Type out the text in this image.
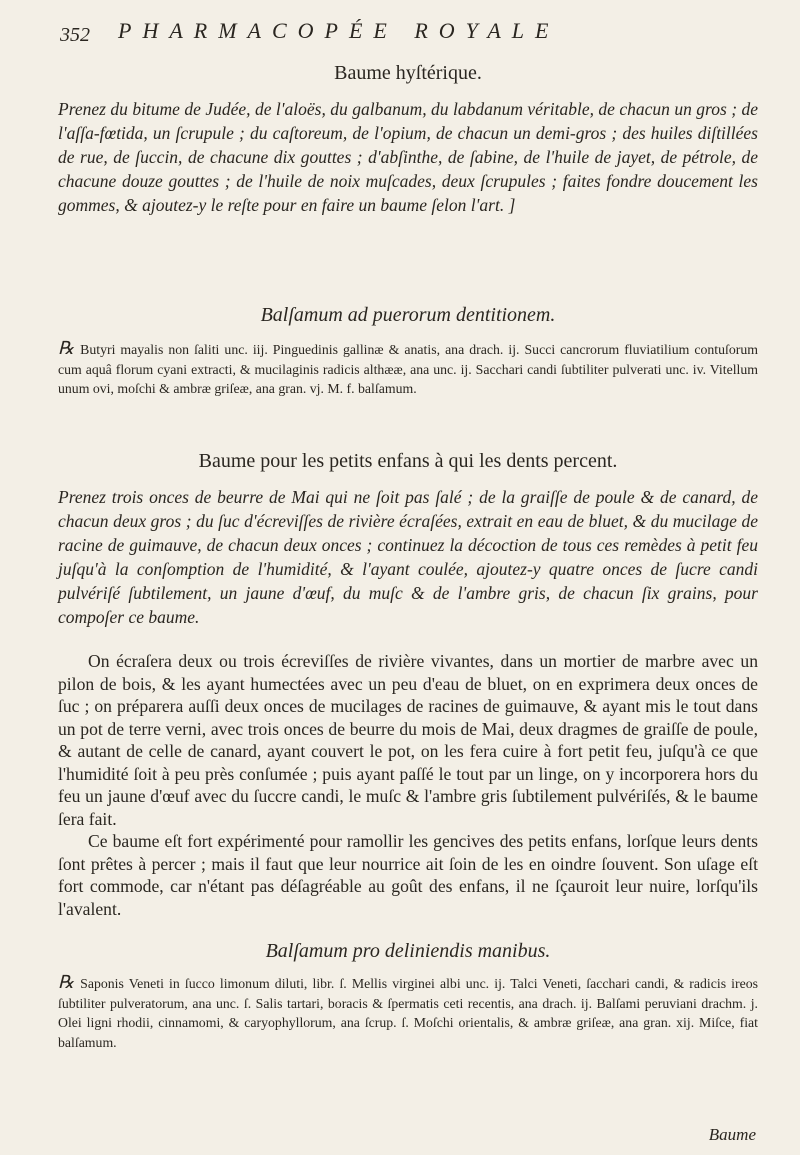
352 PHARMACOPÉE ROYALE
Baume hyſtérique.
Prenez du bitume de Judée, de l'aloës, du galbanum, du labdanum véritable, de chacun un gros ; de l'aſſa-fœtida, un ſcrupule ; du caſtoreum, de l'opium, de chacun un demi-gros ; des huiles diſtillées de rue, de ſuccin, de chacune dix gouttes ; d'abſinthe, de ſabine, de l'huile de jayet, de pétrole, de chacune douze gouttes ; de l'huile de noix muſcades, deux ſcrupules ; faites fondre doucement les gommes, & ajoutez-y le reſte pour en faire un baume ſelon l'art. ]
Balſamum ad puerorum dentitionem.
℞ Butyri mayalis non ſaliti unc. iij. Pinguedinis gallinæ & anatis, ana drach. ij. Succi cancrorum fluviatilium contuſorum cum aquâ florum cyani extracti, & mucilaginis radicis althææ, ana unc. ij. Sacchari candi ſubtiliter pulverati unc. iv. Vitellum unum ovi, moſchi & ambræ griſeæ, ana gran. vj. M. f. balſamum.
Baume pour les petits enfans à qui les dents percent.
Prenez trois onces de beurre de Mai qui ne ſoit pas ſalé ; de la graiſſe de poule & de canard, de chacun deux gros ; du ſuc d'écreviſſes de rivière écraſées, extrait en eau de bluet, & du mucilage de racine de guimauve, de chacun deux onces ; continuez la décoction de tous ces remèdes à petit feu juſqu'à la conſomption de l'humidité, & l'ayant coulée, ajoutez-y quatre onces de ſucre candi pulvériſé ſubtilement, un jaune d'œuf, du muſc & de l'ambre gris, de chacun ſix grains, pour compoſer ce baume.
On écraſera deux ou trois écreviſſes de rivière vivantes, dans un mortier de marbre avec un pilon de bois, & les ayant humectées avec un peu d'eau de bluet, on en exprimera deux onces de ſuc ; on préparera auſſi deux onces de mucilages de racines de guimauve, & ayant mis le tout dans un pot de terre verni, avec trois onces de beurre du mois de Mai, deux dragmes de graiſſe de poule, & autant de celle de canard, ayant couvert le pot, on les fera cuire à fort petit feu, juſqu'à ce que l'humidité ſoit à peu près conſumée ; puis ayant paſſé le tout par un linge, on y incorporera hors du feu un jaune d'œuf avec du ſuccre candi, le muſc & l'ambre gris ſubtilement pulvériſés, & le baume ſera fait.
Ce baume eſt fort expérimenté pour ramollir les gencives des petits enfans, lorſque leurs dents ſont prêtes à percer ; mais il faut que leur nourrice ait ſoin de les en oindre ſouvent. Son uſage eſt fort commode, car n'étant pas déſagréable au goût des enfans, il ne ſçauroit leur nuire, lorſqu'ils l'avalent.
Balſamum pro deliniendis manibus.
℞ Saponis Veneti in ſucco limonum diluti, libr. ſ. Mellis virginei albi unc. ij. Talci Veneti, ſacchari candi, & radicis ireos ſubtiliter pulveratorum, ana unc. ſ. Salis tartari, boracis & ſpermatis ceti recentis, ana drach. ij. Balſami peruviani drachm. j. Olei ligni rhodii, cinnamomi, & caryophyllorum, ana ſcrup. ſ. Moſchi orientalis, & ambræ griſeæ, ana gran. xij. Miſce, fiat balſamum.
Baume
